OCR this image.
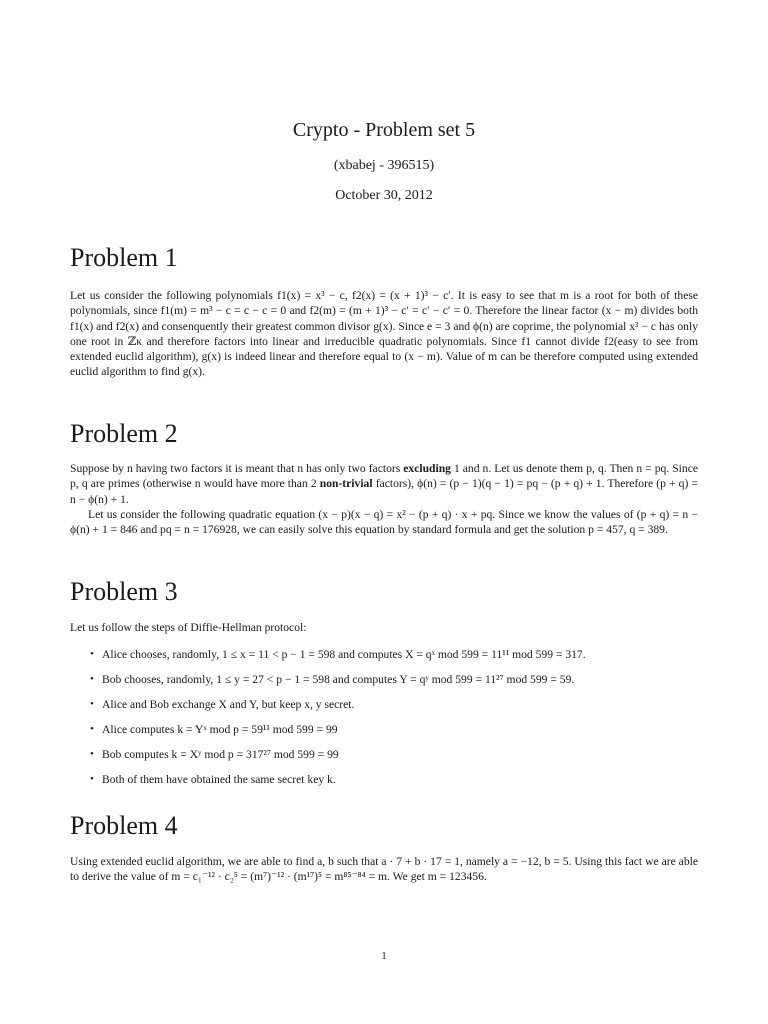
Crypto - Problem set 5
(xbabej - 396515)
October 30, 2012
Problem 1

Let us consider the following polynomials f1(x) = x³ − c, f2(x) = (x + 1)³ − c′. It is easy to see that m is a root for both of these polynomials, since f1(m) = m³ − c = c − c = 0 and f2(m) = (m + 1)³ − c′ = c′ − c′ = 0. Therefore the linear factor (x − m) divides both f1(x) and f2(x) and consenquently their greatest common divisor g(x). Since e = 3 and ϕ(n) are coprime, the polynomial x³ − c has only one root in ℤκ and therefore factors into linear and irreducible quadratic polynomials. Since f1 cannot divide f2(easy to see from extended euclid algorithm), g(x) is indeed linear and therefore equal to (x − m). Value of m can be therefore computed using extended euclid algorithm to find g(x).

Problem 2

Suppose by n having two factors it is meant that n has only two factors excluding 1 and n. Let us denote them p, q. Then n = pq. Since p, q are primes (otherwise n would have more than 2 non-trivial factors), ϕ(n) = (p − 1)(q − 1) = pq − (p + q) + 1. Therefore (p + q) = n − ϕ(n) + 1.

Let us consider the following quadratic equation (x − p)(x − q) = x² − (p + q) · x + pq. Since we know the values of (p + q) = n − ϕ(n) + 1 = 846 and pq = n = 176928, we can easily solve this equation by standard formula and get the solution p = 457, q = 389.

Problem 3

Let us follow the steps of Diffie-Hellman protocol:

• Alice chooses, randomly, 1 ≤ x = 11 < p − 1 = 598 and computes X = qˣ mod 599 = 11¹¹ mod 599 = 317.
• Bob chooses, randomly, 1 ≤ y = 27 < p − 1 = 598 and computes Y = qʸ mod 599 = 11²⁷ mod 599 = 59.
• Alice and Bob exchange X and Y, but keep x, y secret.
• Alice computes k = Yˣ mod p = 59¹¹ mod 599 = 99
• Bob computes k = Xʸ mod p = 317²⁷ mod 599 = 99
• Both of them have obtained the same secret key k.
Problem 4

Using extended euclid algorithm, we are able to find a, b such that a · 7 + b · 17 = 1, namely a = −12, b = 5. Using this fact we are able to derive the value of m = c₁⁻¹² · c₂⁵ = (m⁷)⁻¹² · (m¹⁷)⁵ = m⁸⁵⁻⁸⁴ = m. We get m = 123456.

1
